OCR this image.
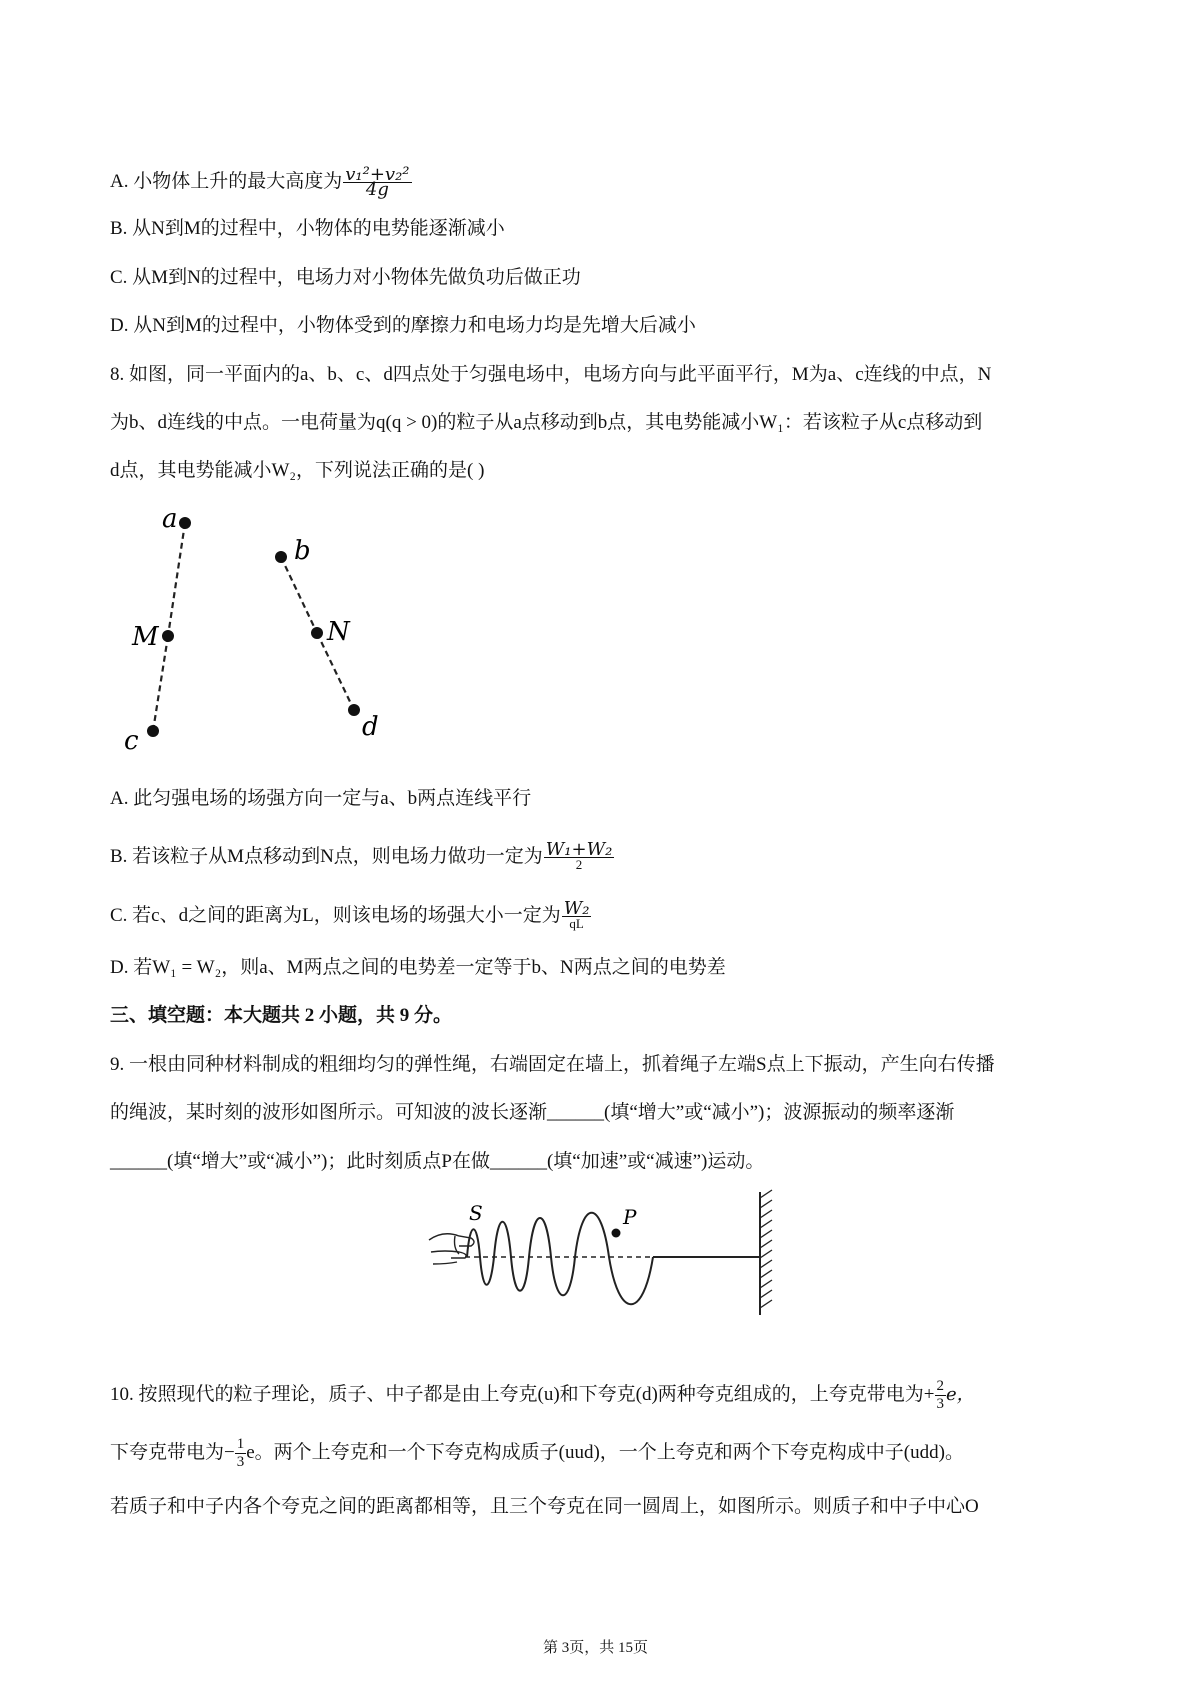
A. 小物体上升的最大高度为 $\frac{\text{v₁²+v₂²}}{4g}$
B. 从N到M的过程中，小物体的电势能逐渐减小
C. 从M到N的过程中，电场力对小物体先做负功后做正功
D. 从N到M的过程中，小物体受到的摩擦力和电场力均是先增大后减小
8. 如图，同一平面内的a、b、c、d四点处于匀强电场中，电场方向与此平面平行，M为a、c连线的中点，N
为b、d连线的中点。一电荷量为q(q > 0)的粒子从a点移动到b点，其电势能减小W₁：若该粒子从c点移动到
d点，其电势能减小W₂，下列说法正确的是( )
a
b
c	d
M	N
A. 此匀强电场的场强方向一定与a、b两点连线平行
B. 若该粒子从M点移动到N点，则电场力做功一定为 $\frac{\text{W₁+W₂}}{2}$
C. 若c、d之间的距离为L，则该电场的场强大小一定为 $\frac{\text{W₂}}{qL}$
D. 若W₁ = W₂，则a、M两点之间的电势差一定等于b、N两点之间的电势差
三、填空题：本大题共 2 小题，共 9 分。
9. 一根由同种材料制成的粗细均匀的弹性绳，右端固定在墙上，抓着绳子左端S点上下振动，产生向右传播
的绳波，某时刻的波形如图所示。可知波的波长逐渐______(填“增大”或“减小”)；波源振动的频率逐渐
______(填“增大”或“减小”)；此时刻质点P在做______(填“加速”或“减速”)运动。
S	P
10. 按照现代的粒子理论，质子、中子都是由上夸克(u)和下夸克(d)两种夸克组成的，上夸克带电为+ $\frac{2}{3}$ e，
下夸克带电为− $\frac{1}{3}$ e。两个上夸克和一个下夸克构成质子(uud)，一个上夸克和两个下夸克构成中子(udd)。
若质子和中子内各个夸克之间的距离都相等，且三个夸克在同一圆周上，如图所示。则质子和中子中心O
第 3页，共 15页
